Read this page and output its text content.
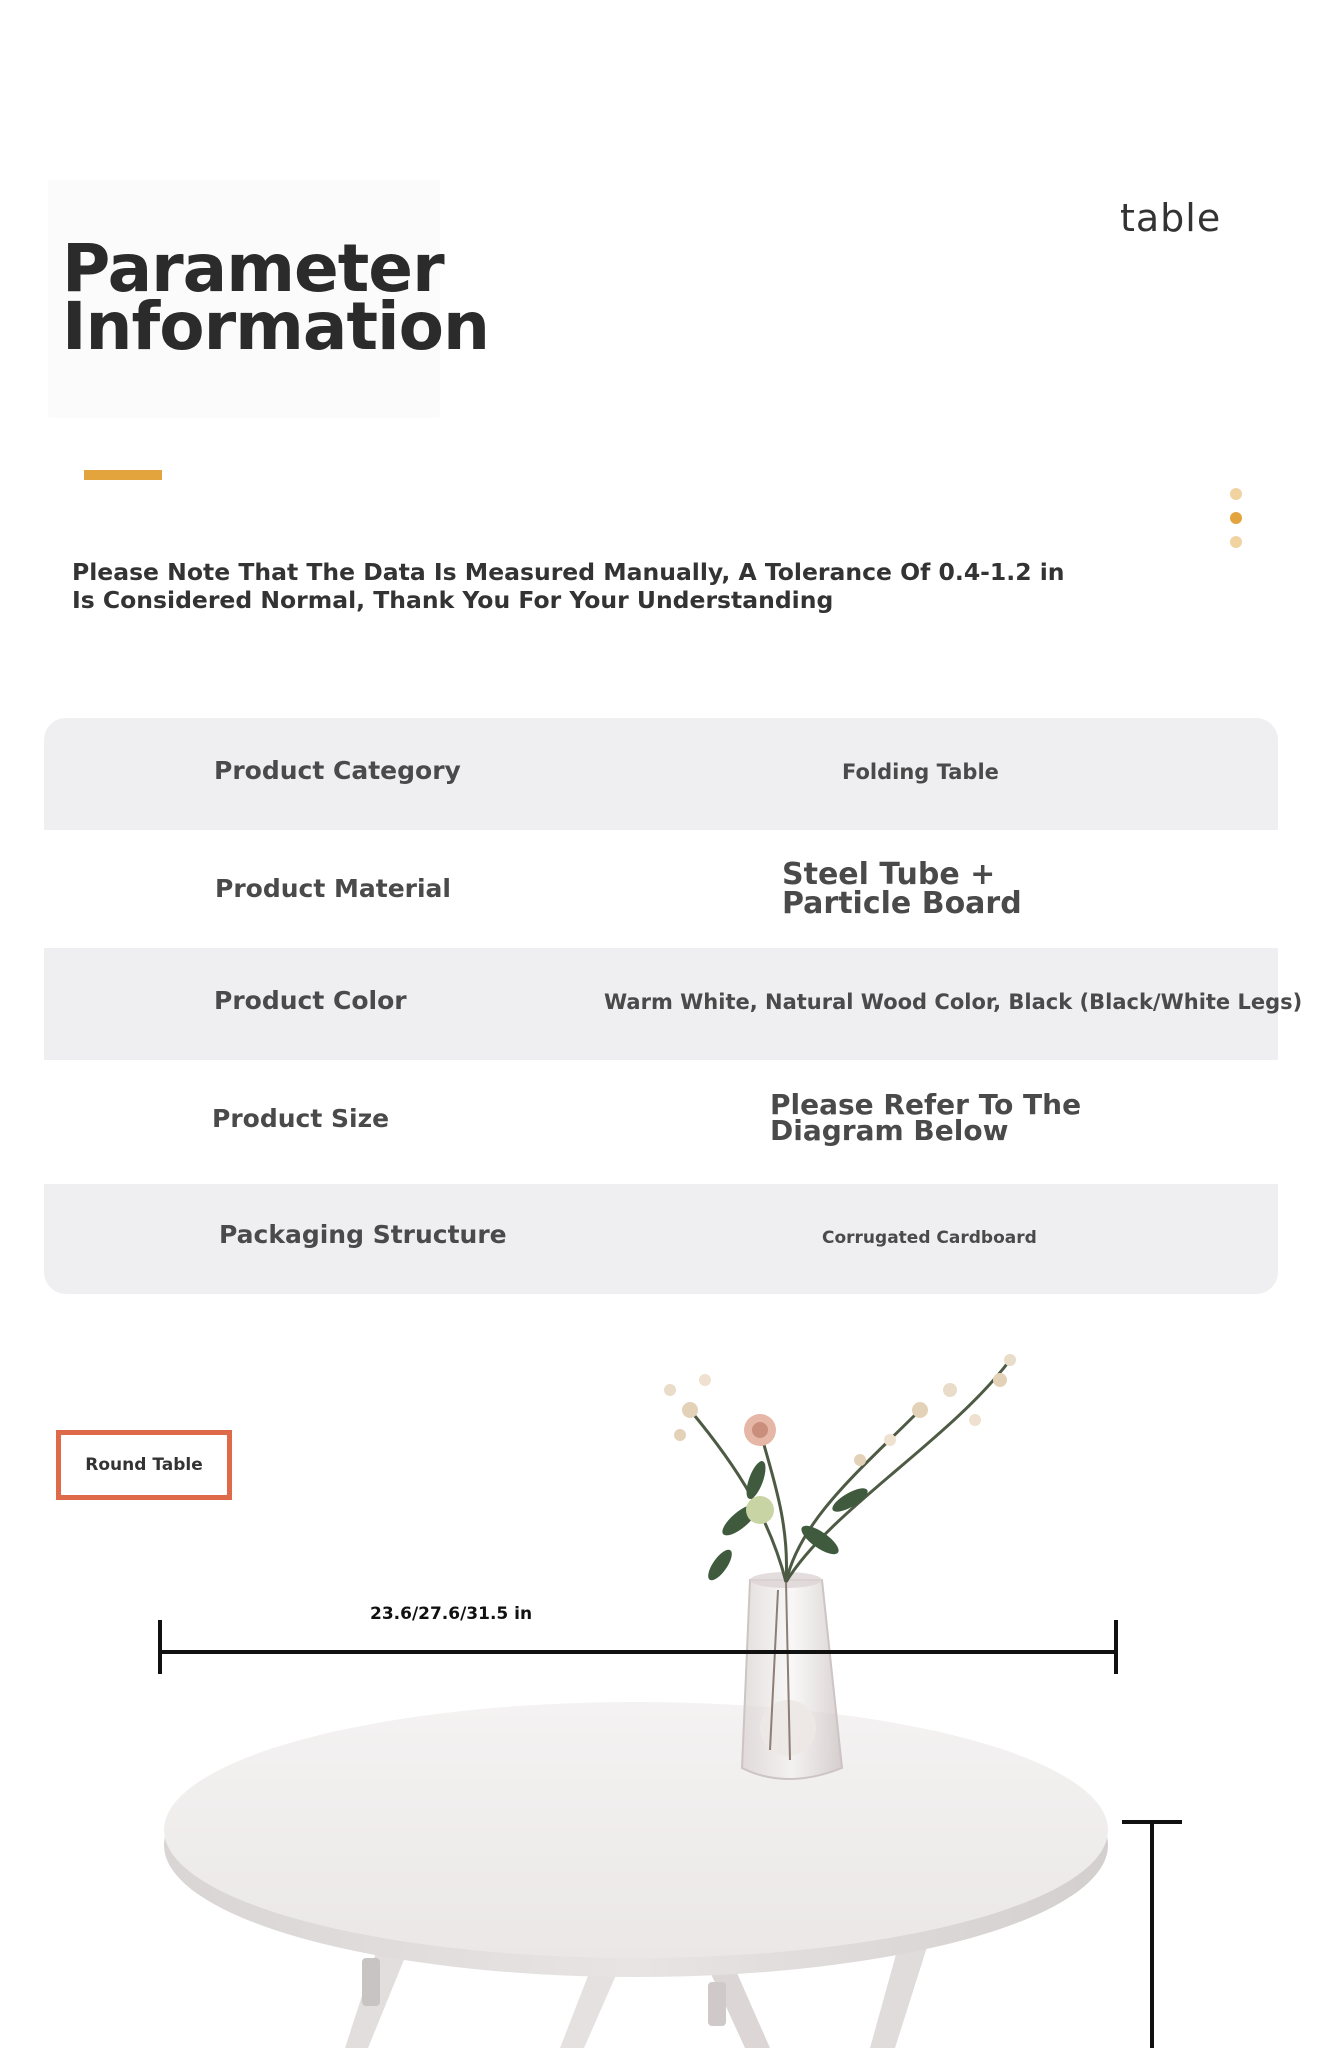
table
Parameter
Information

Please Note That The Data Is Measured Manually, A Tolerance Of 0.4-1.2 in Is Considered Normal, Thank You For Your Understanding

Product Category	Folding Table
Product Material	Steel Tube + Particle Board
Product Color	Warm White, Natural Wood Color, Black (Black/White Legs)
Product Size	Please Refer To The Diagram Below
Packaging Structure	Corrugated Cardboard
Round Table
23.6/27.6/31.5 in
